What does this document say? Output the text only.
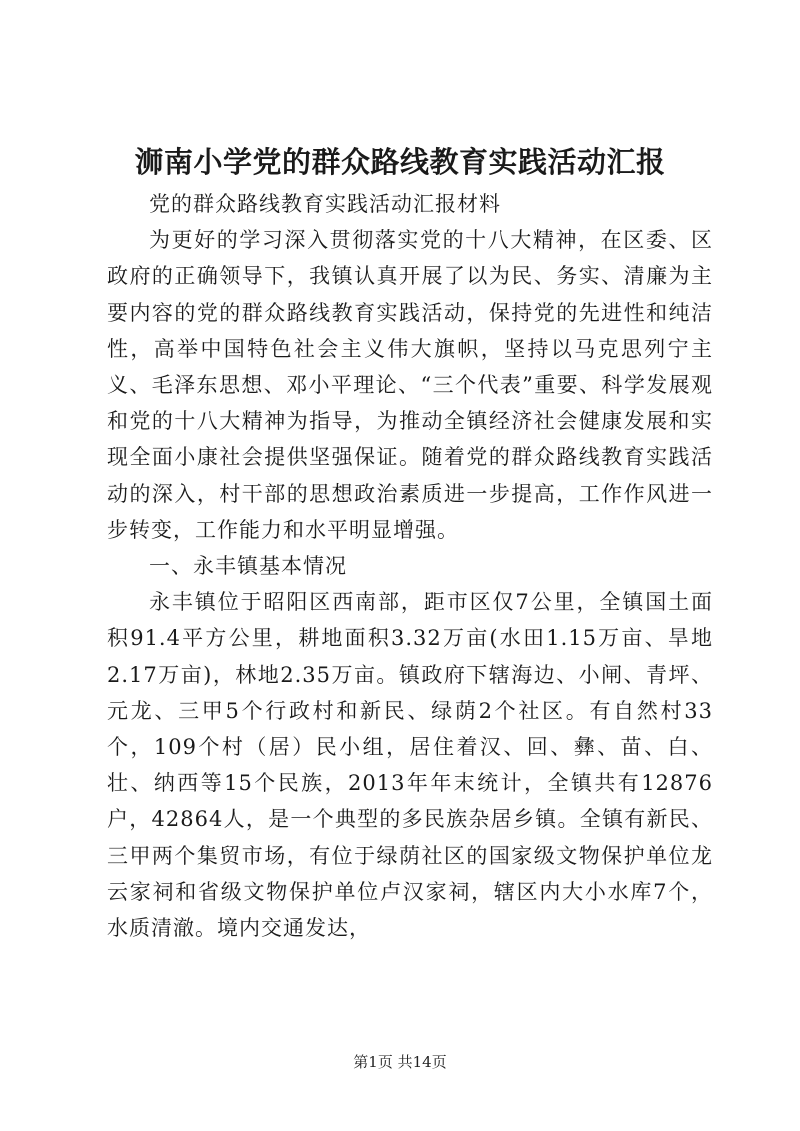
浉南小学党的群众路线教育实践活动汇报

党的群众路线教育实践活动汇报材料

为更好的学习深入贯彻落实党的十八大精神，在区委、区政府的正确领导下，我镇认真开展了以为民、务实、清廉为主要内容的党的群众路线教育实践活动，保持党的先进性和纯洁性，高举中国特色社会主义伟大旗帜，坚持以马克思列宁主义、毛泽东思想、邓小平理论、“三个代表”重要、科学发展观和党的十八大精神为指导，为推动全镇经济社会健康发展和实现全面小康社会提供坚强保证。随着党的群众路线教育实践活动的深入，村干部的思想政治素质进一步提高，工作作风进一步转变，工作能力和水平明显增强。

一、永丰镇基本情况

永丰镇位于昭阳区西南部，距市区仅7公里，全镇国土面积91.4平方公里，耕地面积3.32万亩(水田1.15万亩、旱地2.17万亩)，林地2.35万亩。镇政府下辖海边、小闸、青坪、元龙、三甲5个行政村和新民、绿荫2个社区。有自然村33个，109个村（居）民小组，居住着汉、回、彝、苗、白、壮、纳西等15个民族，2013年年末统计，全镇共有12876户，42864人，是一个典型的多民族杂居乡镇。全镇有新民、三甲两个集贸市场，有位于绿荫社区的国家级文物保护单位龙云家祠和省级文物保护单位卢汉家祠，辖区内大小水库7个，水质清澈。境内交通发达，

第1页 共14页
